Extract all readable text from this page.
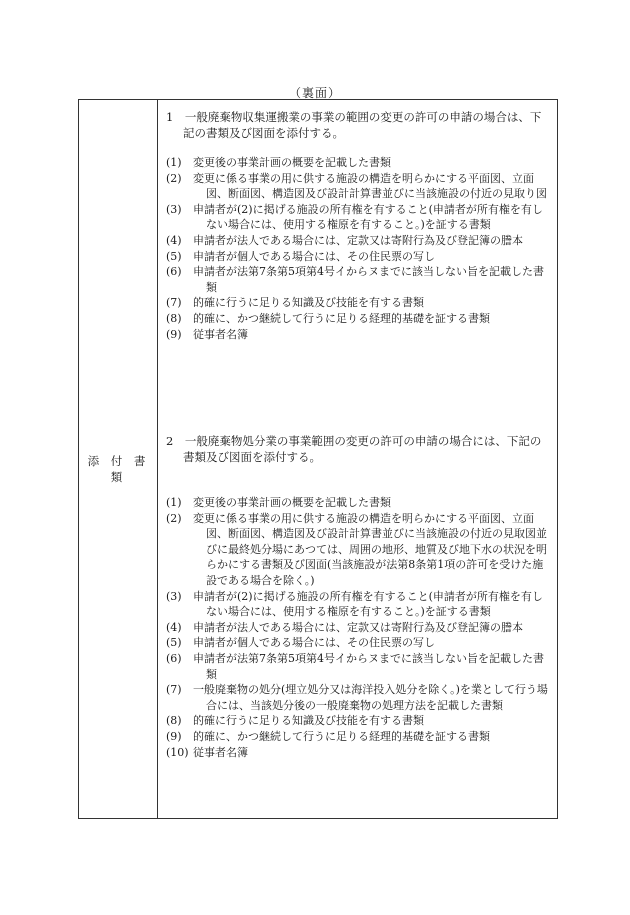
（裏面）
添 付 書 類
1　一般廃棄物収集運搬業の事業の範囲の変更の許可の申請の場合は、下記の書類及び図面を添付する。
(1) 変更後の事業計画の概要を記載した書類
(2) 変更に係る事業の用に供する施設の構造を明らかにする平面図、立面図、断面図、構造図及び設計計算書並びに当該施設の付近の見取り図
(3) 申請者が(2)に掲げる施設の所有権を有すること(申請者が所有権を有しない場合には、使用する権原を有すること。)を証する書類
(4) 申請者が法人である場合には、定款又は寄附行為及び登記簿の謄本
(5) 申請者が個人である場合には、その住民票の写し
(6) 申請者が法第7条第5項第4号イからヌまでに該当しない旨を記載した書類
(7) 的確に行うに足りる知識及び技能を有する書類
(8) 的確に、かつ継続して行うに足りる経理的基礎を証する書類
(9) 従事者名簿
2　一般廃棄物処分業の事業範囲の変更の許可の申請の場合には、下記の書類及び図面を添付する。
(1) 変更後の事業計画の概要を記載した書類
(2) 変更に係る事業の用に供する施設の構造を明らかにする平面図、立面図、断面図、構造図及び設計計算書並びに当該施設の付近の見取図並びに最終処分場にあつては、周囲の地形、地質及び地下水の状況を明らかにする書類及び図面(当該施設が法第8条第1項の許可を受けた施設である場合を除く。)
(3) 申請者が(2)に掲げる施設の所有権を有すること(申請者が所有権を有しない場合には、使用する権原を有すること。)を証する書類
(4) 申請者が法人である場合には、定款又は寄附行為及び登記簿の謄本
(5) 申請者が個人である場合には、その住民票の写し
(6) 申請者が法第7条第5項第4号イからヌまでに該当しない旨を記載した書類
(7) 一般廃棄物の処分(埋立処分又は海洋投入処分を除く。)を業として行う場合には、当該処分後の一般廃棄物の処理方法を記載した書類
(8) 的確に行うに足りる知識及び技能を有する書類
(9) 的確に、かつ継続して行うに足りる経理的基礎を証する書類
(10) 従事者名簿
